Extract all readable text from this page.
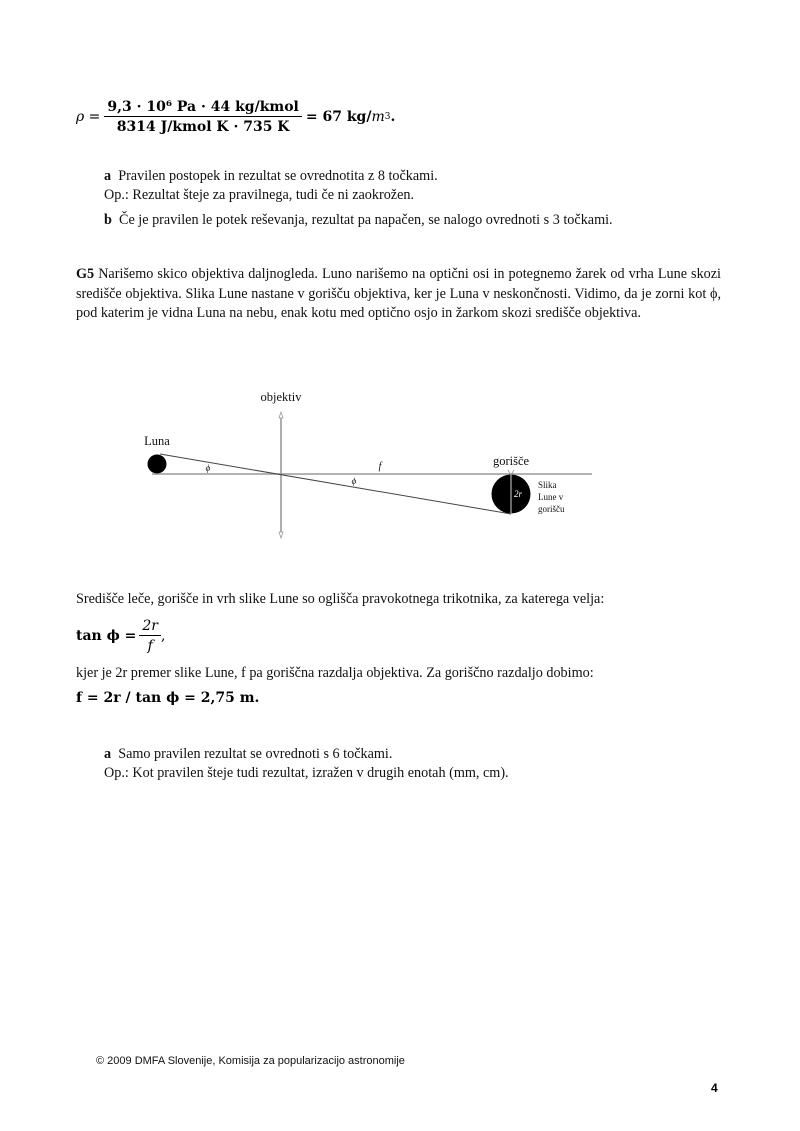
$\rho = \frac{\text{9,3 · 10⁶ Pa · 44 kg/kmol}}{\text{8314 J/kmol K · 735 K}} = 67$ kg/ m 3 .
a Pravilen postopek in rezultat se ovrednotita z 8 točkami.
Op.: Rezultat šteje za pravilnega, tudi če ni zaokrožen.
b Če je pravilen le potek reševanja, rezultat pa napačen, se nalogo ovrednoti s 3 točkami.
G5 Narišemo skico objektiva daljnogleda. Luno narišemo na optični osi in potegnemo žarek od vrha Lune skozi središče objektiva. Slika Lune nastane v gorišču objektiva, ker je Luna v neskončnosti. Vidimo, da je zorni kot ϕ, pod katerim je vidna Luna na nebu, enak kotu med optično osjo in žarkom skozi središče objektiva.
objektiv
Luna
gorišče
f
ϕ
ϕ
2r
Slika
Lune v
gorišču
Središče leče, gorišče in vrh slike Lune so oglišča pravokotnega trikotnika, za katerega velja:
$\tan \phi = \frac{2r}{f}$ ,
kjer je 2r premer slike Lune, f pa goriščna razdalja objektiva. Za goriščno razdaljo dobimo:
f = 2r / tan ϕ = 2,75 m.
a Samo pravilen rezultat se ovrednoti s 6 točkami.
Op.: Kot pravilen šteje tudi rezultat, izražen v drugih enotah (mm, cm).
© 2009 DMFA Slovenije, Komisija za popularizacijo astronomije
4
